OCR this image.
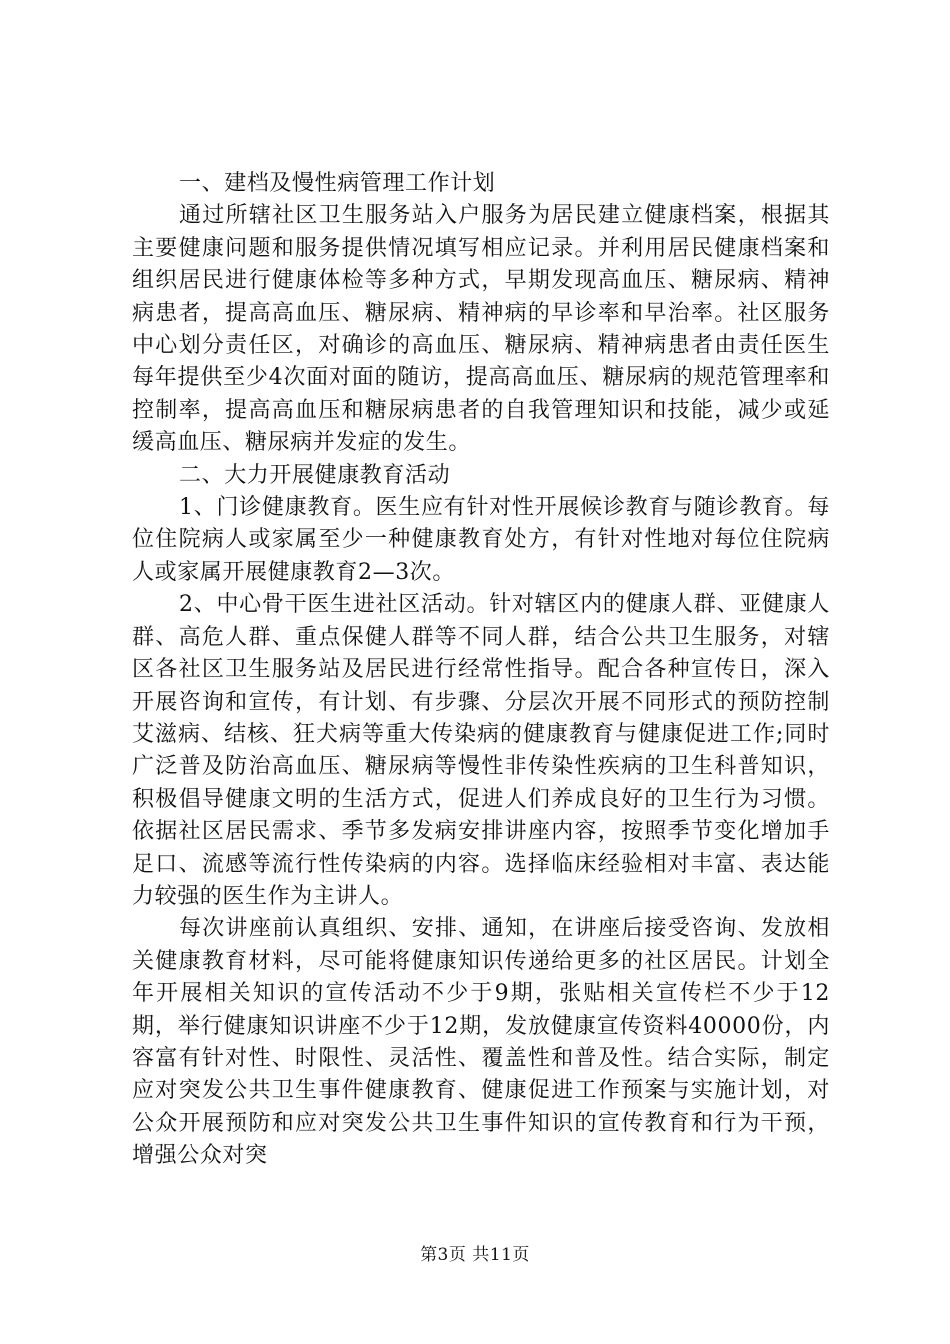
一、建档及慢性病管理工作计划

通过所辖社区卫生服务站入户服务为居民建立健康档案，根据其主要健康问题和服务提供情况填写相应记录。并利用居民健康档案和组织居民进行健康体检等多种方式，早期发现高血压、糖尿病、精神病患者，提高高血压、糖尿病、精神病的早诊率和早治率。社区服务中心划分责任区，对确诊的高血压、糖尿病、精神病患者由责任医生每年提供至少4次面对面的随访，提高高血压、糖尿病的规范管理率和控制率，提高高血压和糖尿病患者的自我管理知识和技能，减少或延缓高血压、糖尿病并发症的发生。

二、大力开展健康教育活动

1、门诊健康教育。医生应有针对性开展候诊教育与随诊教育。每位住院病人或家属至少一种健康教育处方，有针对性地对每位住院病人或家属开展健康教育2—3次。

2、中心骨干医生进社区活动。针对辖区内的健康人群、亚健康人群、高危人群、重点保健人群等不同人群，结合公共卫生服务，对辖区各社区卫生服务站及居民进行经常性指导。配合各种宣传日，深入开展咨询和宣传，有计划、有步骤、分层次开展不同形式的预防控制艾滋病、结核、狂犬病等重大传染病的健康教育与健康促进工作;同时广泛普及防治高血压、糖尿病等慢性非传染性疾病的卫生科普知识，积极倡导健康文明的生活方式，促进人们养成良好的卫生行为习惯。依据社区居民需求、季节多发病安排讲座内容，按照季节变化增加手足口、流感等流行性传染病的内容。选择临床经验相对丰富、表达能力较强的医生作为主讲人。

每次讲座前认真组织、安排、通知，在讲座后接受咨询、发放相关健康教育材料，尽可能将健康知识传递给更多的社区居民。计划全年开展相关知识的宣传活动不少于9期，张贴相关宣传栏不少于12期，举行健康知识讲座不少于12期，发放健康宣传资料40000份，内容富有针对性、时限性、灵活性、覆盖性和普及性。结合实际，制定应对突发公共卫生事件健康教育、健康促进工作预案与实施计划，对公众开展预防和应对突发公共卫生事件知识的宣传教育和行为干预，增强公众对突

第3页 共11页
